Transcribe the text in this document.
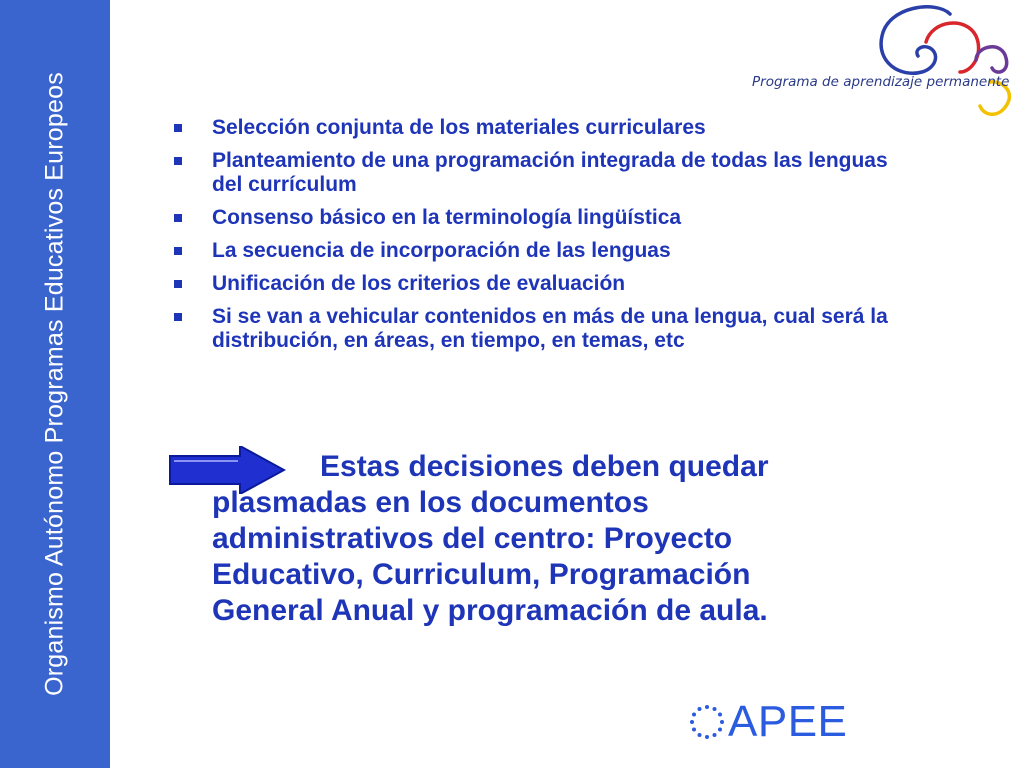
Organismo Autónomo Programas Educativos Europeos	Programa de aprendizaje permanente
Selección conjunta de los materiales curriculares
Planteamiento de una programación integrada de todas las lenguas del currículum
Consenso básico en la terminología lingüística
La secuencia de incorporación de las lenguas
Unificación de los criterios de evaluación
Si se van a vehicular contenidos en más de una lengua, cual será la distribución, en áreas, en tiempo, en temas, etc
Estas decisiones deben quedar plasmadas en los documentos administrativos del centro: Proyecto Educativo, Curriculum, Programación General Anual y programación de aula.
APEE
